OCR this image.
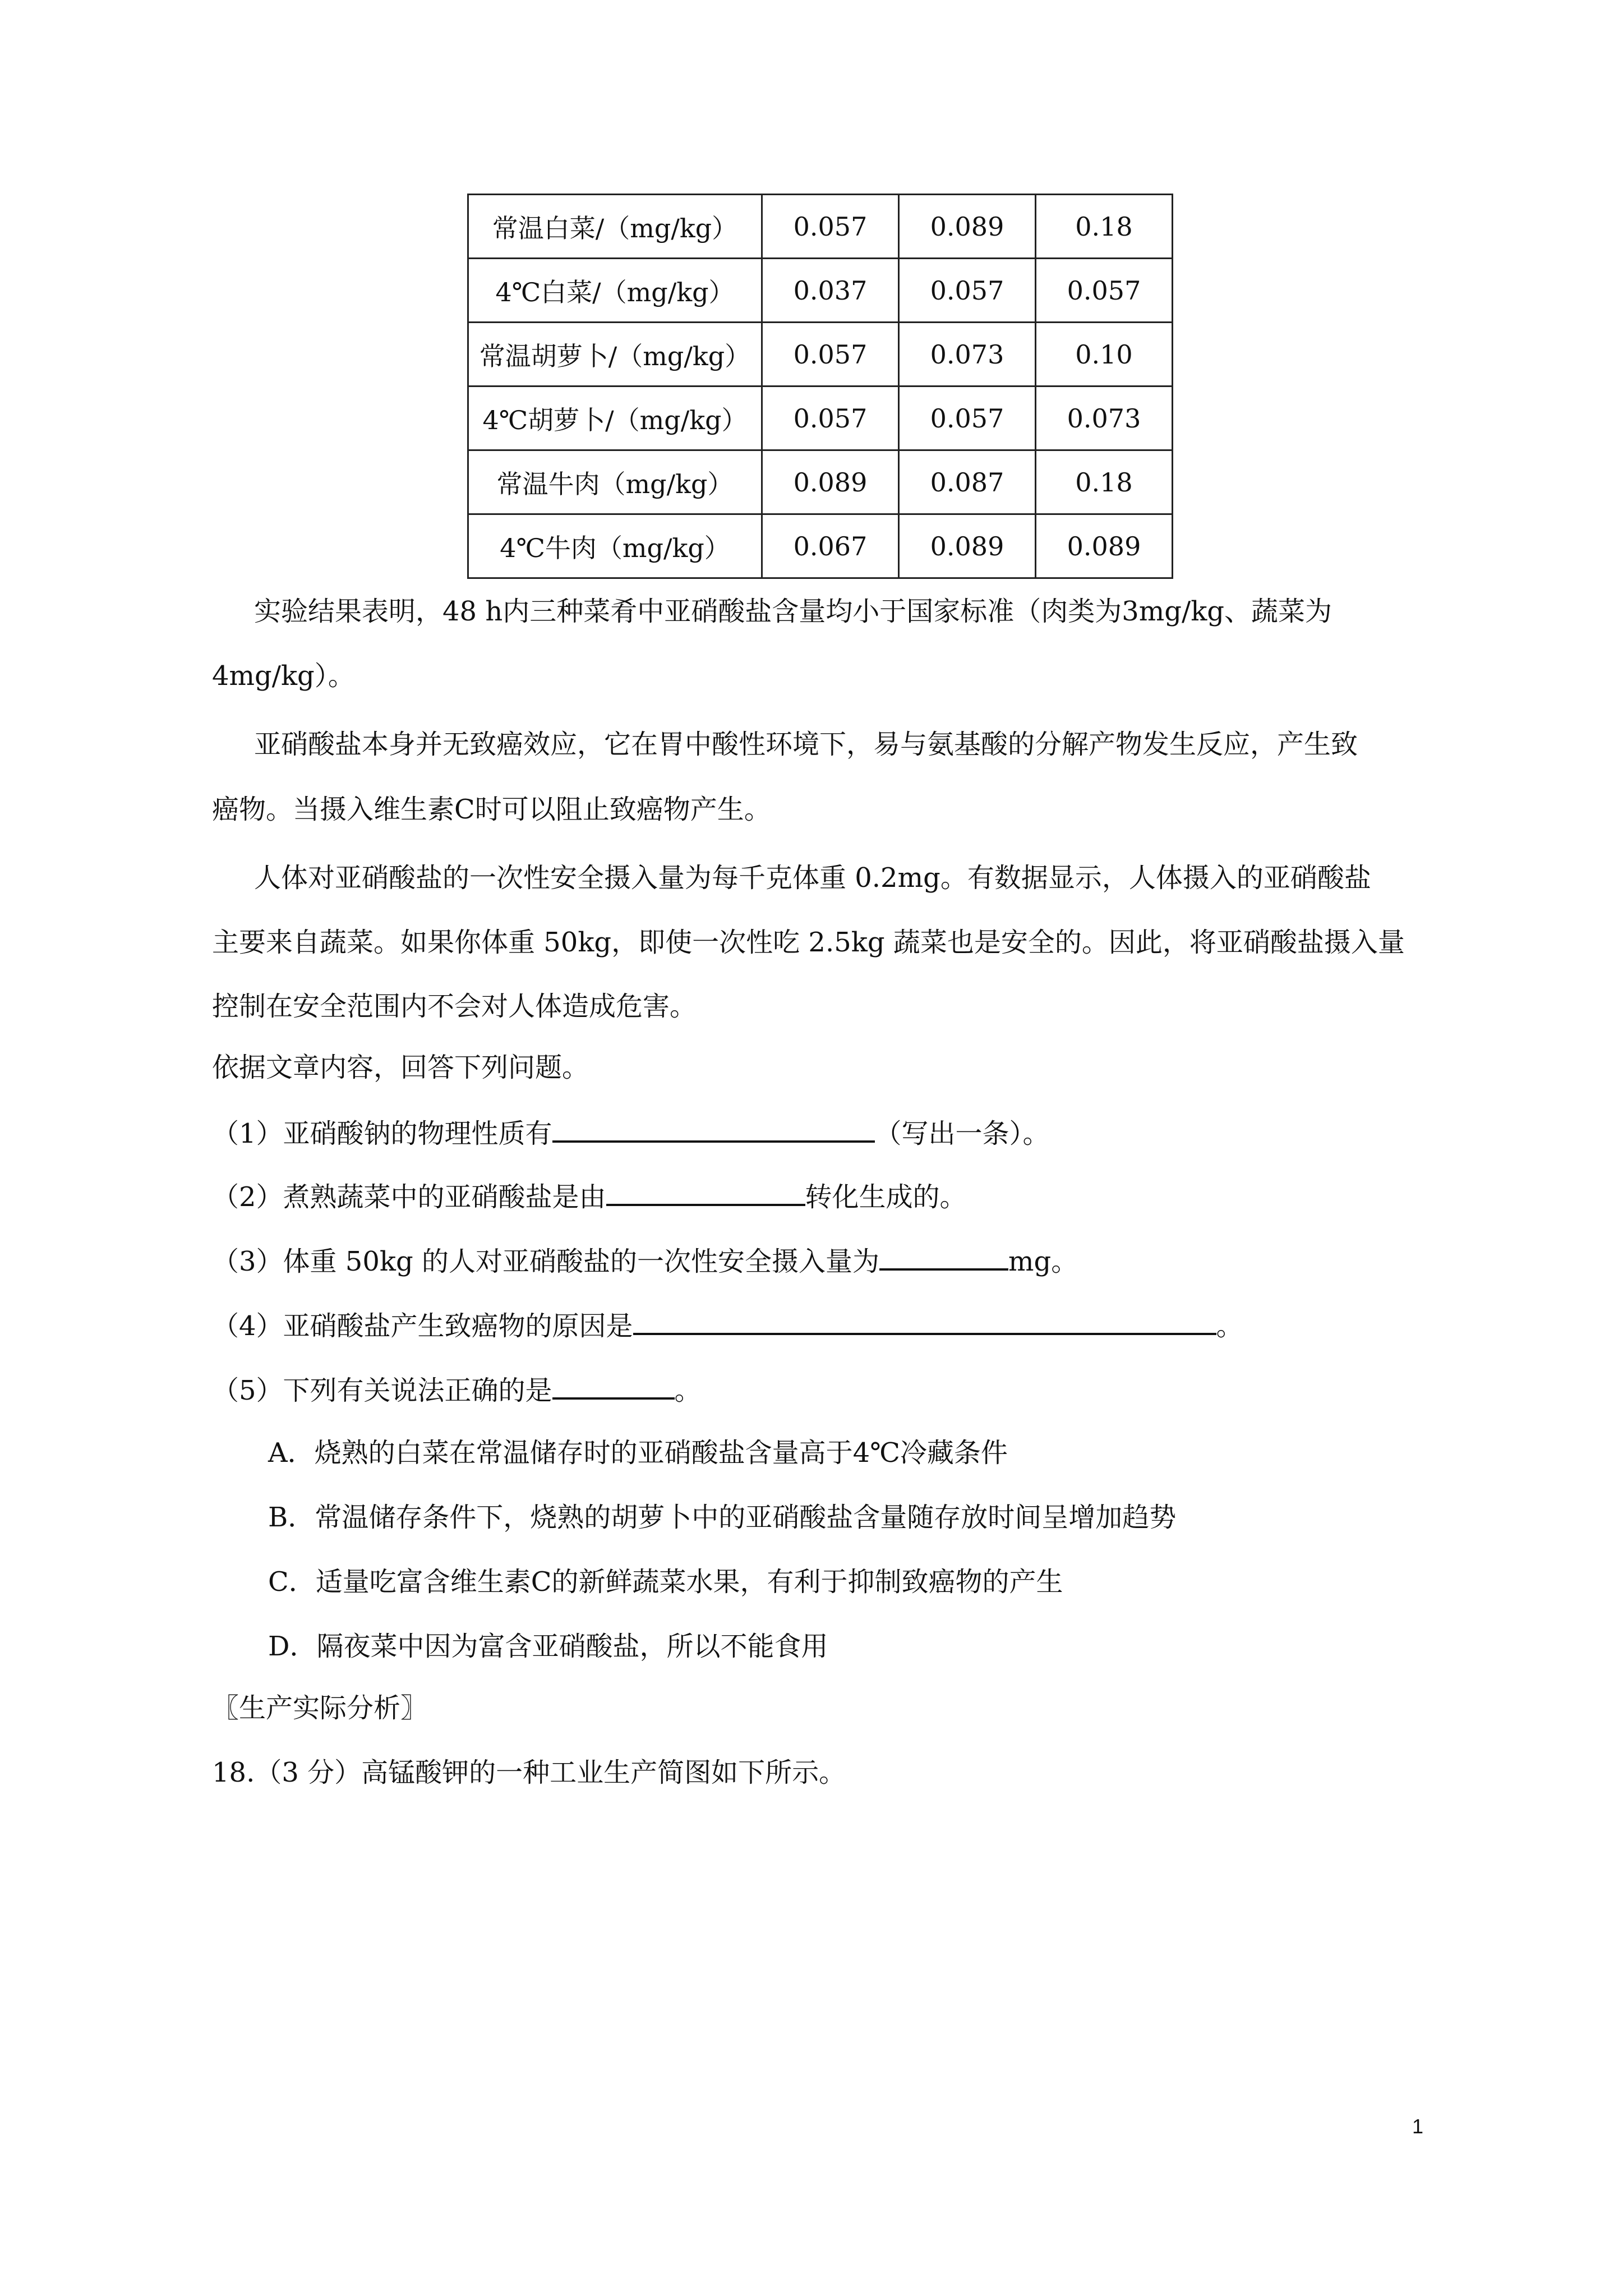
常温白菜/（mg/kg）	0.057	0.089	0.18
4℃白菜/（mg/kg）	0.037	0.057	0.057
常温胡萝卜/（mg/kg）	0.057	0.073	0.10
4℃胡萝卜/（mg/kg）	0.057	0.057	0.073
常温牛肉（mg/kg）	0.089	0.087	0.18
4℃牛肉（mg/kg）	0.067	0.089	0.089
实验结果表明，48 h内三种菜肴中亚硝酸盐含量均小于国家标准（肉类为3mg/kg、蔬菜为
4mg/kg）。
亚硝酸盐本身并无致癌效应，它在胃中酸性环境下，易与氨基酸的分解产物发生反应，产生致
癌物。当摄入维生素C时可以阻止致癌物产生。
人体对亚硝酸盐的一次性安全摄入量为每千克体重 0.2mg。有数据显示，人体摄入的亚硝酸盐
主要来自蔬菜。如果你体重 50kg，即使一次性吃 2.5kg 蔬菜也是安全的。因此，将亚硝酸盐摄入量
控制在安全范围内不会对人体造成危害。
依据文章内容，回答下列问题。
（1）亚硝酸钠的物理性质有	（写出一条）。
（2）煮熟蔬菜中的亚硝酸盐是由	转化生成的。
（3）体重 50kg 的人对亚硝酸盐的一次性安全摄入量为	mg。
（4）亚硝酸盐产生致癌物的原因是	。
（5）下列有关说法正确的是	。
A．烧熟的白菜在常温储存时的亚硝酸盐含量高于4℃冷藏条件
B．常温储存条件下，烧熟的胡萝卜中的亚硝酸盐含量随存放时间呈增加趋势
C．适量吃富含维生素C的新鲜蔬菜水果，有利于抑制致癌物的产生
D．隔夜菜中因为富含亚硝酸盐，所以不能食用
〖生产实际分析〗
18.（3 分）高锰酸钾的一种工业生产简图如下所示。
1
